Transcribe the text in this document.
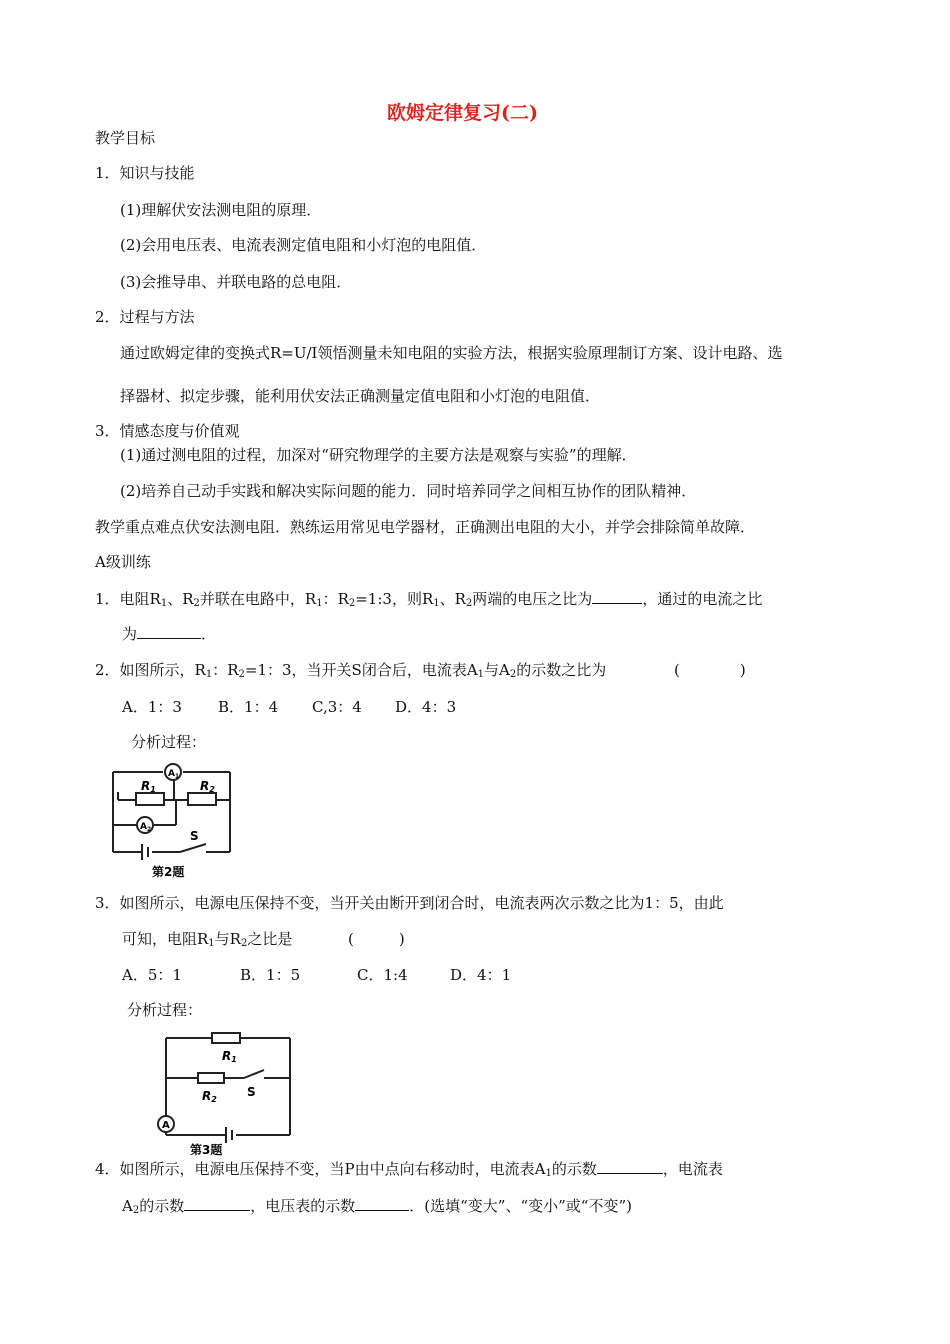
欧姆定律复习(二)
教学目标
1．知识与技能
(1)理解伏安法测电阻的原理．
(2)会用电压表、电流表测定值电阻和小灯泡的电阻值．
(3)会推导串、并联电路的总电阻．
2．过程与方法
通过欧姆定律的变换式R=U/I领悟测量未知电阻的实验方法，根据实验原理制订方案、设计电路、选
择器材、拟定步骤，能利用伏安法正确测量定值电阻和小灯泡的电阻值．
3．情感态度与价值观
(1)通过测电阻的过程，加深对“研究物理学的主要方法是观察与实验”的理解．
(2)培养自己动手实践和解决实际问题的能力．同时培养同学之间相互协作的团队精神．
教学重点难点伏安法测电阻．熟练运用常见电学器材，正确测出电阻的大小，并学会排除简单故障．
A级训练
1．电阻$R_1$、$R_2$并联在电路中，$R_1$：$R_2=1:3$，则$R_1$、$R_2$两端的电压之比为	，通过的电流之比
为	．
2．如图所示，$R_1$：$R_2=1$：3，当开关S闭合后，电流表$A_1$与$A_2$的示数之比为	(　　　　)
A．1：3 B．1：4 C,3：4 D．4：3
分析过程：
$A_1$
$A_2$
R1	R2
S
第2题
3．如图所示，电源电压保持不变，当开关由断开到闭合时，电流表两次示数之比为1：5，由此
可知，电阻$R_1$与$R_2$之比是	(　　　)
A．5：1	B．1：5	C．1:4	D．4：1
分析过程：
A
R1
R2
S
第3题
4．如图所示，电源电压保持不变，当P由中点向右移动时，电流表$A_1$的示数	，电流表
$A_2$的示数	，电压表的示数	．(选填“变大”、“变小”或“不变”)
